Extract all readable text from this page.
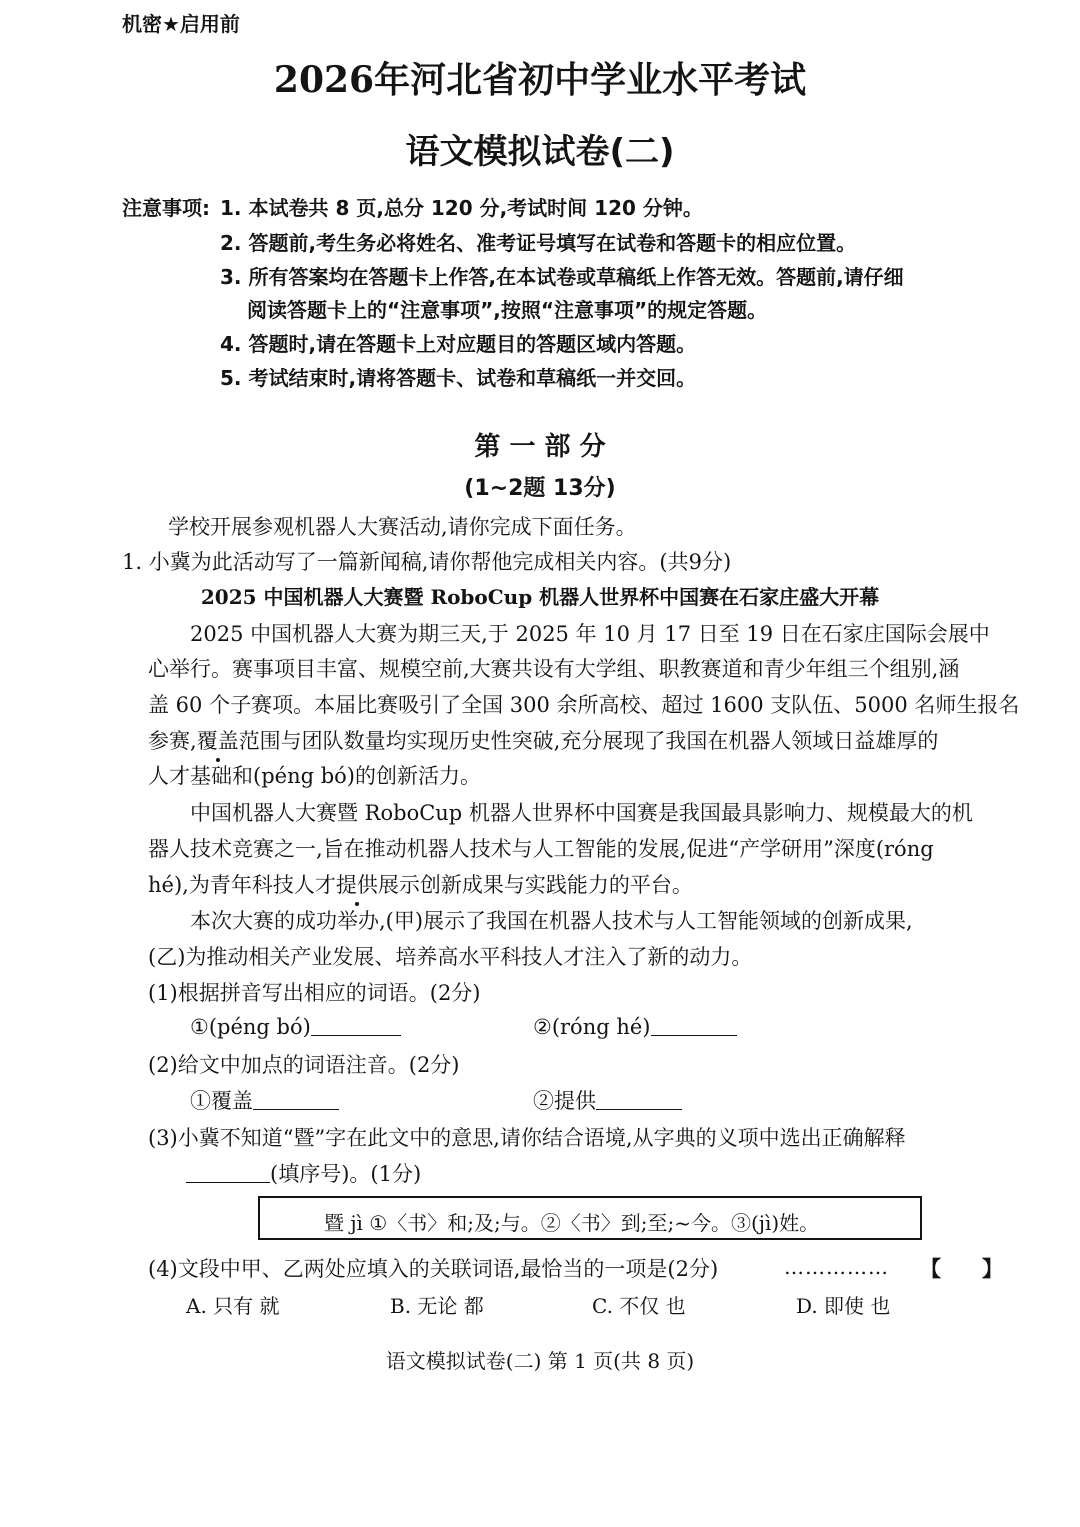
机密★启用前
2026年河北省初中学业水平考试
语文模拟试卷(二)
注意事项: 1. 本试卷共 8 页,总分 120 分,考试时间 120 分钟。
2. 答题前,考生务必将姓名、准考证号填写在试卷和答题卡的相应位置。
3. 所有答案均在答题卡上作答,在本试卷或草稿纸上作答无效。答题前,请仔细
阅读答题卡上的“注意事项”,按照“注意事项”的规定答题。
4. 答题时,请在答题卡上对应题目的答题区域内答题。
5. 考试结束时,请将答题卡、试卷和草稿纸一并交回。
第 一 部 分
(1~2题 13分)
学校开展参观机器人大赛活动,请你完成下面任务。
1. 小冀为此活动写了一篇新闻稿,请你帮他完成相关内容。(共9分)
2025 中国机器人大赛暨 RoboCup 机器人世界杯中国赛在石家庄盛大开幕
2025 中国机器人大赛为期三天,于 2025 年 10 月 17 日至 19 日在石家庄国际会展中
心举行。赛事项目丰富、规模空前,大赛共设有大学组、职教赛道和青少年组三个组别,涵
盖 60 个子赛项。本届比赛吸引了全国 300 余所高校、超过 1600 支队伍、5000 名师生报名
参赛,覆盖范围与团队数量均实现历史性突破,充分展现了我国在机器人领域日益雄厚的
人才基础和(péng bó)的创新活力。
中国机器人大赛暨 RoboCup 机器人世界杯中国赛是我国最具影响力、规模最大的机
器人技术竞赛之一,旨在推动机器人技术与人工智能的发展,促进“产学研用”深度(róng
hé),为青年科技人才提供展示创新成果与实践能力的平台。
本次大赛的成功举办,(甲)展示了我国在机器人技术与人工智能领域的创新成果,
(乙)为推动相关产业发展、培养高水平科技人才注入了新的动力。
(1)根据拼音写出相应的词语。(2分)
①(péng bó)	②(róng hé)
(2)给文中加点的词语注音。(2分)
①覆盖	②提供
(3)小冀不知道“暨”字在此文中的意思,请你结合语境,从字典的义项中选出正确解释
(填序号)。(1分)
暨 jì ①〈书〉和;及;与。②〈书〉到;至;~今。③(jì)姓。
(4)文段中甲、乙两处应填入的关联词语,最恰当的一项是(2分)	…………… 【 】
A. 只有 就	B. 无论 都	C. 不仅 也	D. 即使 也
语文模拟试卷(二) 第 1 页(共 8 页)
